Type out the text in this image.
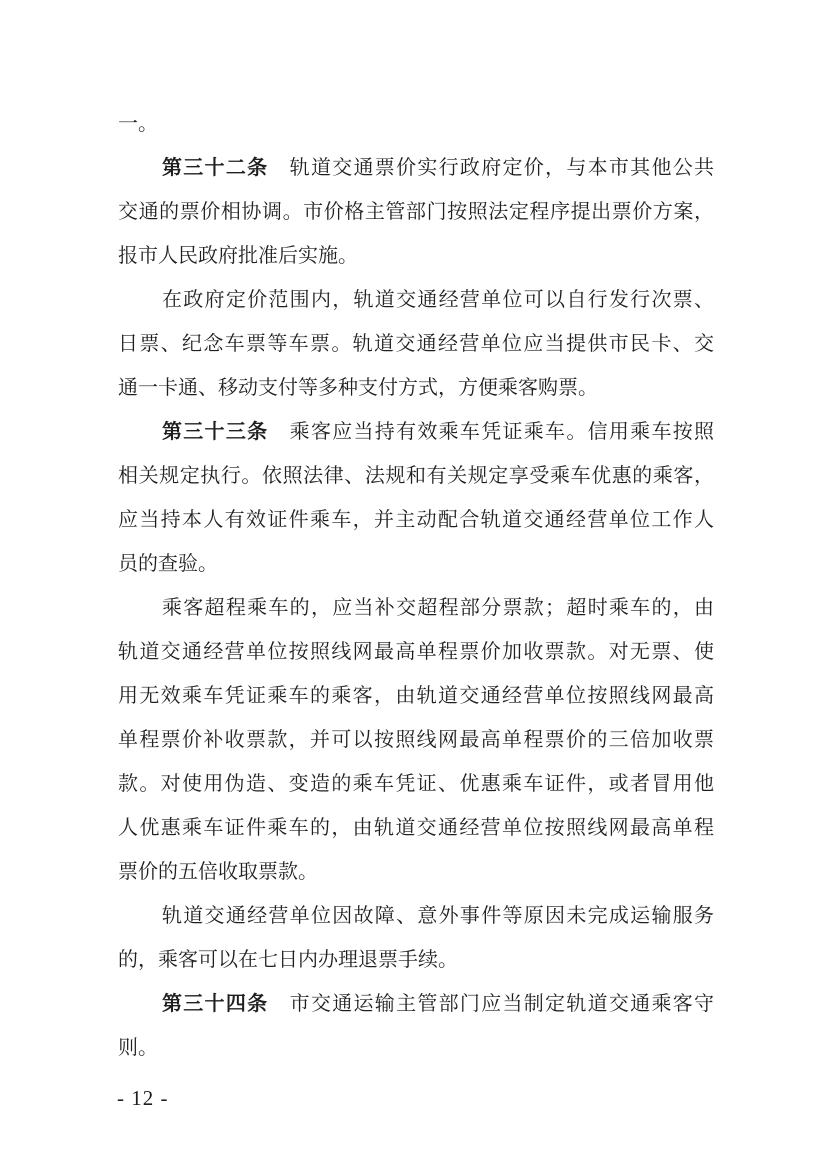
一。
第三十二条　轨道交通票价实行政府定价，与本市其他公共
交通的票价相协调。市价格主管部门按照法定程序提出票价方案，
报市人民政府批准后实施。
在政府定价范围内，轨道交通经营单位可以自行发行次票、
日票、纪念车票等车票。轨道交通经营单位应当提供市民卡、交
通一卡通、移动支付等多种支付方式，方便乘客购票。
第三十三条　乘客应当持有效乘车凭证乘车。信用乘车按照
相关规定执行。依照法律、法规和有关规定享受乘车优惠的乘客，
应当持本人有效证件乘车，并主动配合轨道交通经营单位工作人
员的查验。
乘客超程乘车的，应当补交超程部分票款；超时乘车的，由
轨道交通经营单位按照线网最高单程票价加收票款。对无票、使
用无效乘车凭证乘车的乘客，由轨道交通经营单位按照线网最高
单程票价补收票款，并可以按照线网最高单程票价的三倍加收票
款。对使用伪造、变造的乘车凭证、优惠乘车证件，或者冒用他
人优惠乘车证件乘车的，由轨道交通经营单位按照线网最高单程
票价的五倍收取票款。
轨道交通经营单位因故障、意外事件等原因未完成运输服务
的，乘客可以在七日内办理退票手续。
第三十四条　市交通运输主管部门应当制定轨道交通乘客守
则。
- 12 -
